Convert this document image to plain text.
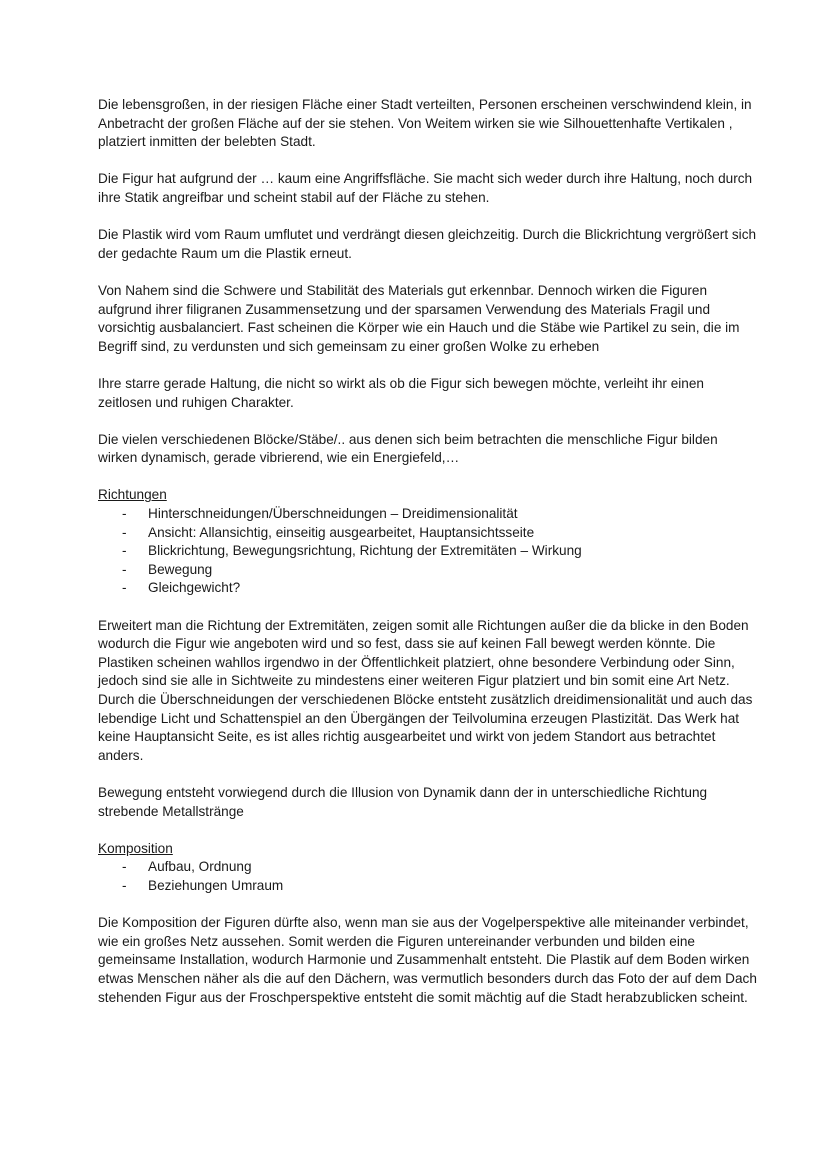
Die lebensgroßen, in der riesigen Fläche einer Stadt verteilten, Personen erscheinen verschwindend klein, in Anbetracht der großen Fläche auf der sie stehen. Von Weitem wirken sie wie Silhouettenhafte Vertikalen , platziert inmitten der belebten Stadt.

Die Figur hat aufgrund der … kaum eine Angriffsfläche. Sie macht sich weder durch ihre Haltung, noch durch ihre Statik angreifbar und scheint stabil auf der Fläche zu stehen.

Die Plastik wird vom Raum umflutet und verdrängt diesen gleichzeitig. Durch die Blickrichtung vergrößert sich der gedachte Raum um die Plastik erneut.

Von Nahem sind die Schwere und Stabilität des Materials gut erkennbar. Dennoch wirken die Figuren aufgrund ihrer filigranen Zusammensetzung und der sparsamen Verwendung des Materials Fragil und vorsichtig ausbalanciert. Fast scheinen die Körper wie ein Hauch und die Stäbe wie Partikel zu sein, die im Begriff sind, zu verdunsten und sich gemeinsam zu einer großen Wolke zu erheben

Ihre starre gerade Haltung, die nicht so wirkt als ob die Figur sich bewegen möchte, verleiht ihr einen zeitlosen und ruhigen Charakter.

Die vielen verschiedenen Blöcke/Stäbe/.. aus denen sich beim betrachten die menschliche Figur bilden wirken dynamisch, gerade vibrierend, wie ein Energiefeld,…

Richtungen

- Hinterschneidungen/Überschneidungen – Dreidimensionalität
- Ansicht: Allansichtig, einseitig ausgearbeitet, Hauptansichtsseite
- Blickrichtung, Bewegungsrichtung, Richtung der Extremitäten – Wirkung
- Bewegung
- Gleichgewicht?

Erweitert man die Richtung der Extremitäten, zeigen somit alle Richtungen außer die da blicke in den Boden wodurch die Figur wie angeboten wird und so fest, dass sie auf keinen Fall bewegt werden könnte. Die Plastiken scheinen wahllos irgendwo in der Öffentlichkeit platziert, ohne besondere Verbindung oder Sinn, jedoch sind sie alle in Sichtweite zu mindestens einer weiteren Figur platziert und bin somit eine Art Netz.

Durch die Überschneidungen der verschiedenen Blöcke entsteht zusätzlich dreidimensionalität und auch das lebendige Licht und Schattenspiel an den Übergängen der Teilvolumina erzeugen Plastizität. Das Werk hat keine Hauptansicht Seite, es ist alles richtig ausgearbeitet und wirkt von jedem Standort aus betrachtet anders.

Bewegung entsteht vorwiegend durch die Illusion von Dynamik dann der in unterschiedliche Richtung strebende Metallstränge

Komposition

- Aufbau, Ordnung
- Beziehungen Umraum

Die Komposition der Figuren dürfte also, wenn man sie aus der Vogelperspektive alle miteinander verbindet, wie ein großes Netz aussehen. Somit werden die Figuren untereinander verbunden und bilden eine gemeinsame Installation, wodurch Harmonie und Zusammenhalt entsteht. Die Plastik auf dem Boden wirken etwas Menschen näher als die auf den Dächern, was vermutlich besonders durch das Foto der auf dem Dach stehenden Figur aus der Froschperspektive entsteht die somit mächtig auf die Stadt herabzublicken scheint.
